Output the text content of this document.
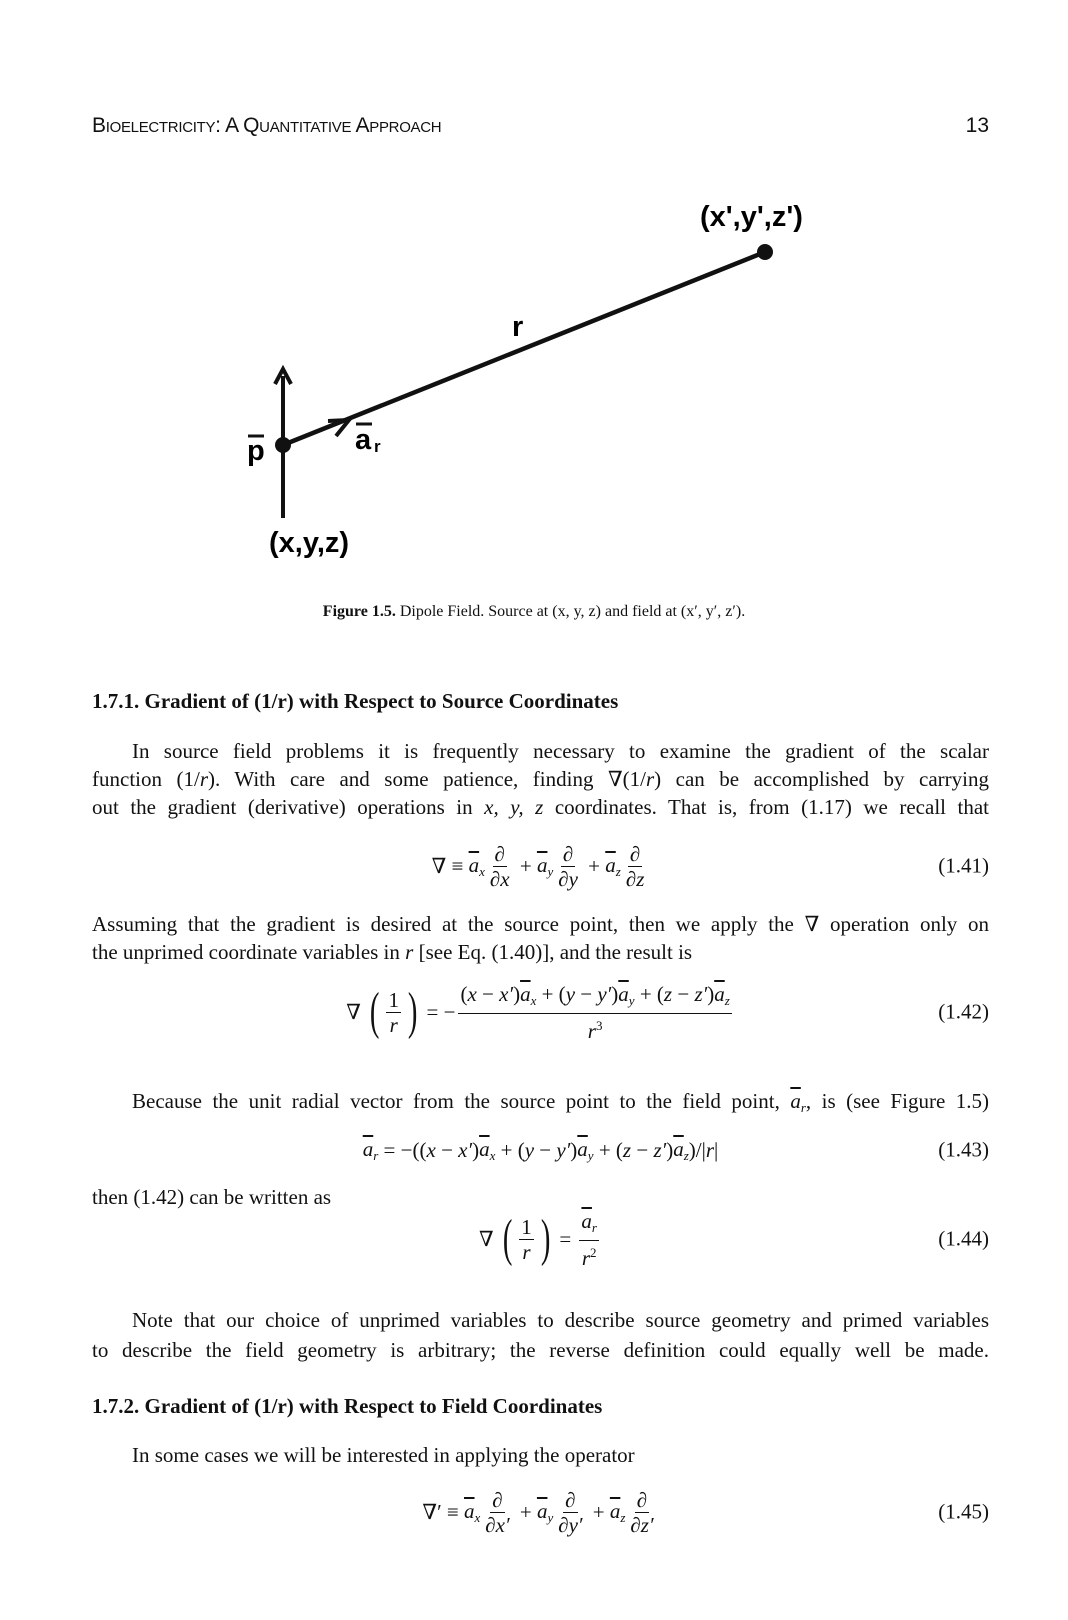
Bioelectricity: A Quantitative Approach	13
(x',y',z')
r
p	a r
(x,y,z)
Figure 1.5. Dipole Field. Source at (x, y, z) and field at (x′, y′, z′).
1.7.1. Gradient of (1/r) with Respect to Source Coordinates
1.7.2. Gradient of (1/r) with Respect to Field Coordinates
In source field problems it is frequently necessary to examine the gradient of the scalar
function (1/r). With care and some patience, finding ∇(1/r) can be accomplished by carrying
out the gradient (derivative) operations in x, y, z coordinates. That is, from (1.17) we recall that
Assuming that the gradient is desired at the source point, then we apply the ∇ operation only on
the unprimed coordinate variables in r [see Eq. (1.40)], and the result is
Because the unit radial vector from the source point to the field point, $\overline{a}_r$, is (see Figure 1.5)
then (1.42) can be written as
Note that our choice of unprimed variables to describe source geometry and primed variables
to describe the field geometry is arbitrary; the reverse definition could equally well be made.
In some cases we will be interested in applying the operator
∇ ≡ $\overline{a}_x \frac{\partial}{\partial x} + \overline{a}_y \frac{\partial}{\partial y} + \overline{a}_z \frac{\partial}{\partial z}$	(1.41)
∇ ( $\frac{1}{r}$ ) = − $\frac{(x - x')\overline{a}_x + (y - y')\overline{a}_y + (z - z')\overline{a}_z}{r^3}$	(1.42)
$\overline{a}_r$ = −(( x − x′ ) $\overline{a}_x$ + ( y − y′ ) $\overline{a}_y$ + ( z − z′ ) $\overline{a}_z$ )/| r |	(1.43)
∇ ( $\frac{1}{r}$ ) = $\frac{\overline{a}_r}{r^2}$	(1.44)
∇′ ≡ $\overline{a}_x \frac{\partial}{\partial x'} + \overline{a}_y \frac{\partial}{\partial y'} + \overline{a}_z \frac{\partial}{\partial z'}$	(1.45)
